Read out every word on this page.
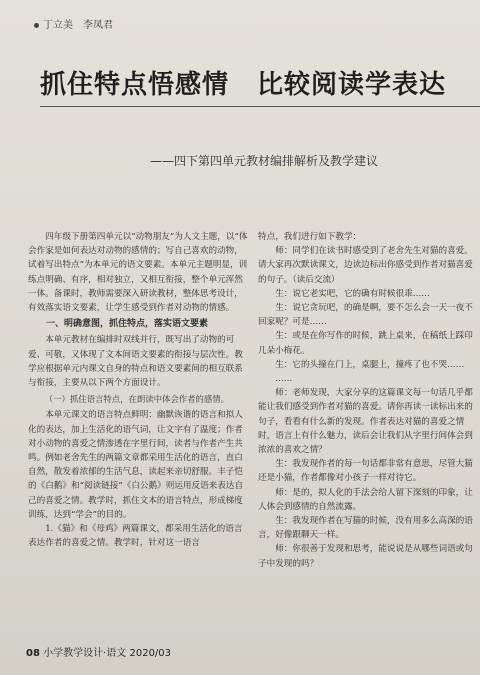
丁立美　李凤君
抓住特点悟感情 比较阅读学表达
——四下第四单元教材编排解析及教学建议

四年级下册第四单元以“动物朋友”为人文主题，以“体会作家是如何表达对动物的感情的；写自己喜欢的动物，试着写出特点”为本单元的语文要素。本单元主题明显，训练点明确、有序，相对独立，又相互衔接，整个单元浑然一体。备课时，教师需要深入研读教材，整体思考设计，有效落实语文要素，让学生感受到作者对动物的情感。

一、明确意图，抓住特点，落实语文要素

本单元教材在编排时双线并行，既写出了动物的可爱、可敬，又体现了文本间语文要素的衔接与层次性。教学应根据单元内课文自身的特点和语文要素间的相互联系与衔接，主要从以下两个方面设计。

（一）抓住语言特点，在朗读中体会作者的感情。

本单元课文的语言特点鲜明：幽默诙谐的语言和拟人化的表达，加上生活化的语气词，让文字有了温度；作者对小动物的喜爱之情渗透在字里行间，读者与作者产生共鸣。例如老舍先生的两篇文章都采用生活化的语言，直白自然，散发着浓郁的生活气息，读起来亲切舒服。丰子恺的《白鹅》和“阅读链接”《白公鹅》则运用反语来表达自己的喜爱之情。教学时，抓住文本的语言特点，形成梯度训练，达到“学会”的目的。

1.《猫》和《母鸡》两篇课文，都采用生活化的语言表达作者的喜爱之情。教学时，针对这一语言

特点，我们进行如下教学：

师：同学们在读书时感受到了老舍先生对猫的喜爱。请大家再次默读课文，边读边标出你感受到作者对猫喜爱的句子。（读后交流）

生：说它老实吧，它的确有时候很乖……

生：说它贪玩吧，的确是啊，要不怎么会一天一夜不回家呢？可是……

生：或是在你写作的时候，跳上桌来，在稿纸上踩印几朵小梅花。

生：它的头撞在门上，桌腿上，撞疼了也不哭……

……

师：老师发现，大家分享的这篇课文每一句话几乎都能让我们感受到作者对猫的喜爱。请你再读一读标出来的句子，看看有什么新的发现。作者表达对猫的喜爱之情时，语言上有什么魅力，读后会让我们从字里行间体会到浓浓的喜欢之情？

生：我发现作者的每一句话都非常有意思，尽管大猫还是小猫，作者都像对小孩子一样对待它。

师：是的，拟人化的手法会给人留下深刻的印象，让人体会到感情的自然流露。

生：我发现作者在写猫的时候，没有用多么高深的语言，好像跟聊天一样。

师：你很善于发现和思考，能说说是从哪些词语或句子中发现的吗？

08 小学教学设计·语文 2020/03
